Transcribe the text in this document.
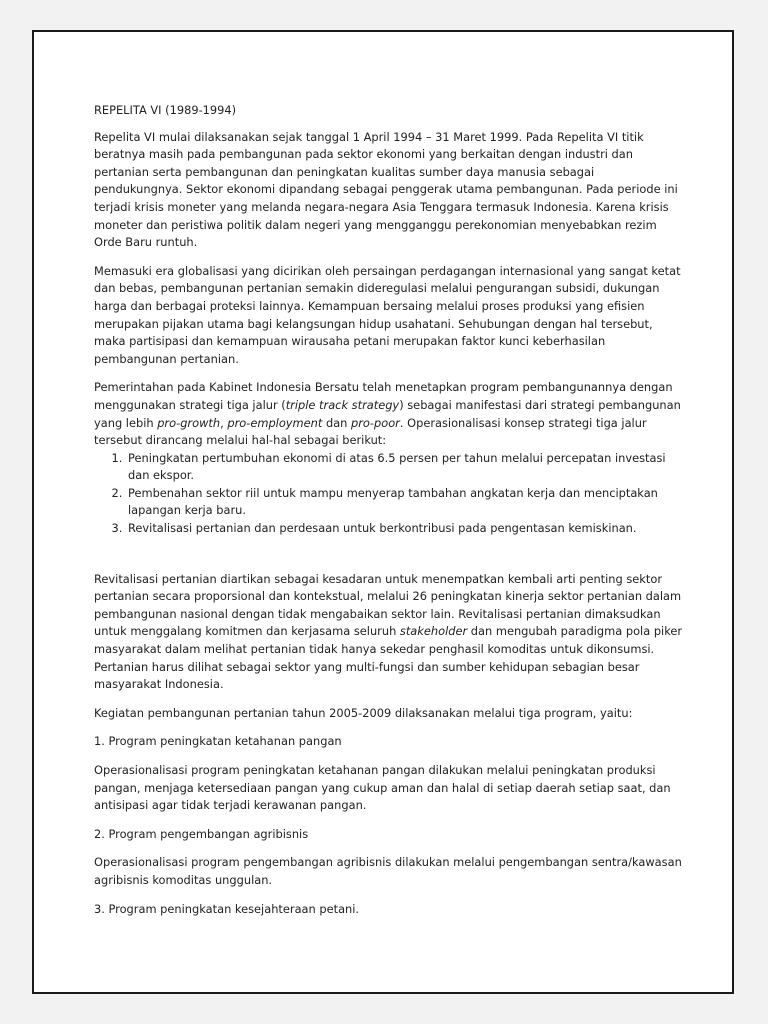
REPELITA VI (1989-1994)

Repelita VI mulai dilaksanakan sejak tanggal 1 April 1994 – 31 Maret 1999. Pada Repelita VI titik beratnya masih pada pembangunan pada sektor ekonomi yang berkaitan dengan industri dan pertanian serta pembangunan dan peningkatan kualitas sumber daya manusia sebagai pendukungnya. Sektor ekonomi dipandang sebagai penggerak utama pembangunan. Pada periode ini terjadi krisis moneter yang melanda negara-negara Asia Tenggara termasuk Indonesia. Karena krisis moneter dan peristiwa politik dalam negeri yang mengganggu perekonomian menyebabkan rezim Orde Baru runtuh.

Memasuki era globalisasi yang dicirikan oleh persaingan perdagangan internasional yang sangat ketat dan bebas, pembangunan pertanian semakin dideregulasi melalui pengurangan subsidi, dukungan harga dan berbagai proteksi lainnya. Kemampuan bersaing melalui proses produksi yang efisien merupakan pijakan utama bagi kelangsungan hidup usahatani. Sehubungan dengan hal tersebut, maka partisipasi dan kemampuan wirausaha petani merupakan faktor kunci keberhasilan pembangunan pertanian.

Pemerintahan pada Kabinet Indonesia Bersatu telah menetapkan program pembangunannya dengan menggunakan strategi tiga jalur (triple track strategy) sebagai manifestasi dari strategi pembangunan yang lebih pro-growth, pro-employment dan pro-poor. Operasionalisasi konsep strategi tiga jalur tersebut dirancang melalui hal-hal sebagai berikut:

1. Peningkatan pertumbuhan ekonomi di atas 6.5 persen per tahun melalui percepatan investasi dan ekspor.
2. Pembenahan sektor riil untuk mampu menyerap tambahan angkatan kerja dan menciptakan lapangan kerja baru.
3. Revitalisasi pertanian dan perdesaan untuk berkontribusi pada pengentasan kemiskinan.

Revitalisasi pertanian diartikan sebagai kesadaran untuk menempatkan kembali arti penting sektor pertanian secara proporsional dan kontekstual, melalui 26 peningkatan kinerja sektor pertanian dalam pembangunan nasional dengan tidak mengabaikan sektor lain. Revitalisasi pertanian dimaksudkan untuk menggalang komitmen dan kerjasama seluruh stakeholder dan mengubah paradigma pola piker masyarakat dalam melihat pertanian tidak hanya sekedar penghasil komoditas untuk dikonsumsi. Pertanian harus dilihat sebagai sektor yang multi-fungsi dan sumber kehidupan sebagian besar masyarakat Indonesia.

Kegiatan pembangunan pertanian tahun 2005-2009 dilaksanakan melalui tiga program, yaitu:

1. Program peningkatan ketahanan pangan

Operasionalisasi program peningkatan ketahanan pangan dilakukan melalui peningkatan produksi pangan, menjaga ketersediaan pangan yang cukup aman dan halal di setiap daerah setiap saat, dan antisipasi agar tidak terjadi kerawanan pangan.

2. Program pengembangan agribisnis

Operasionalisasi program pengembangan agribisnis dilakukan melalui pengembangan sentra/kawasan agribisnis komoditas unggulan.

3. Program peningkatan kesejahteraan petani.
